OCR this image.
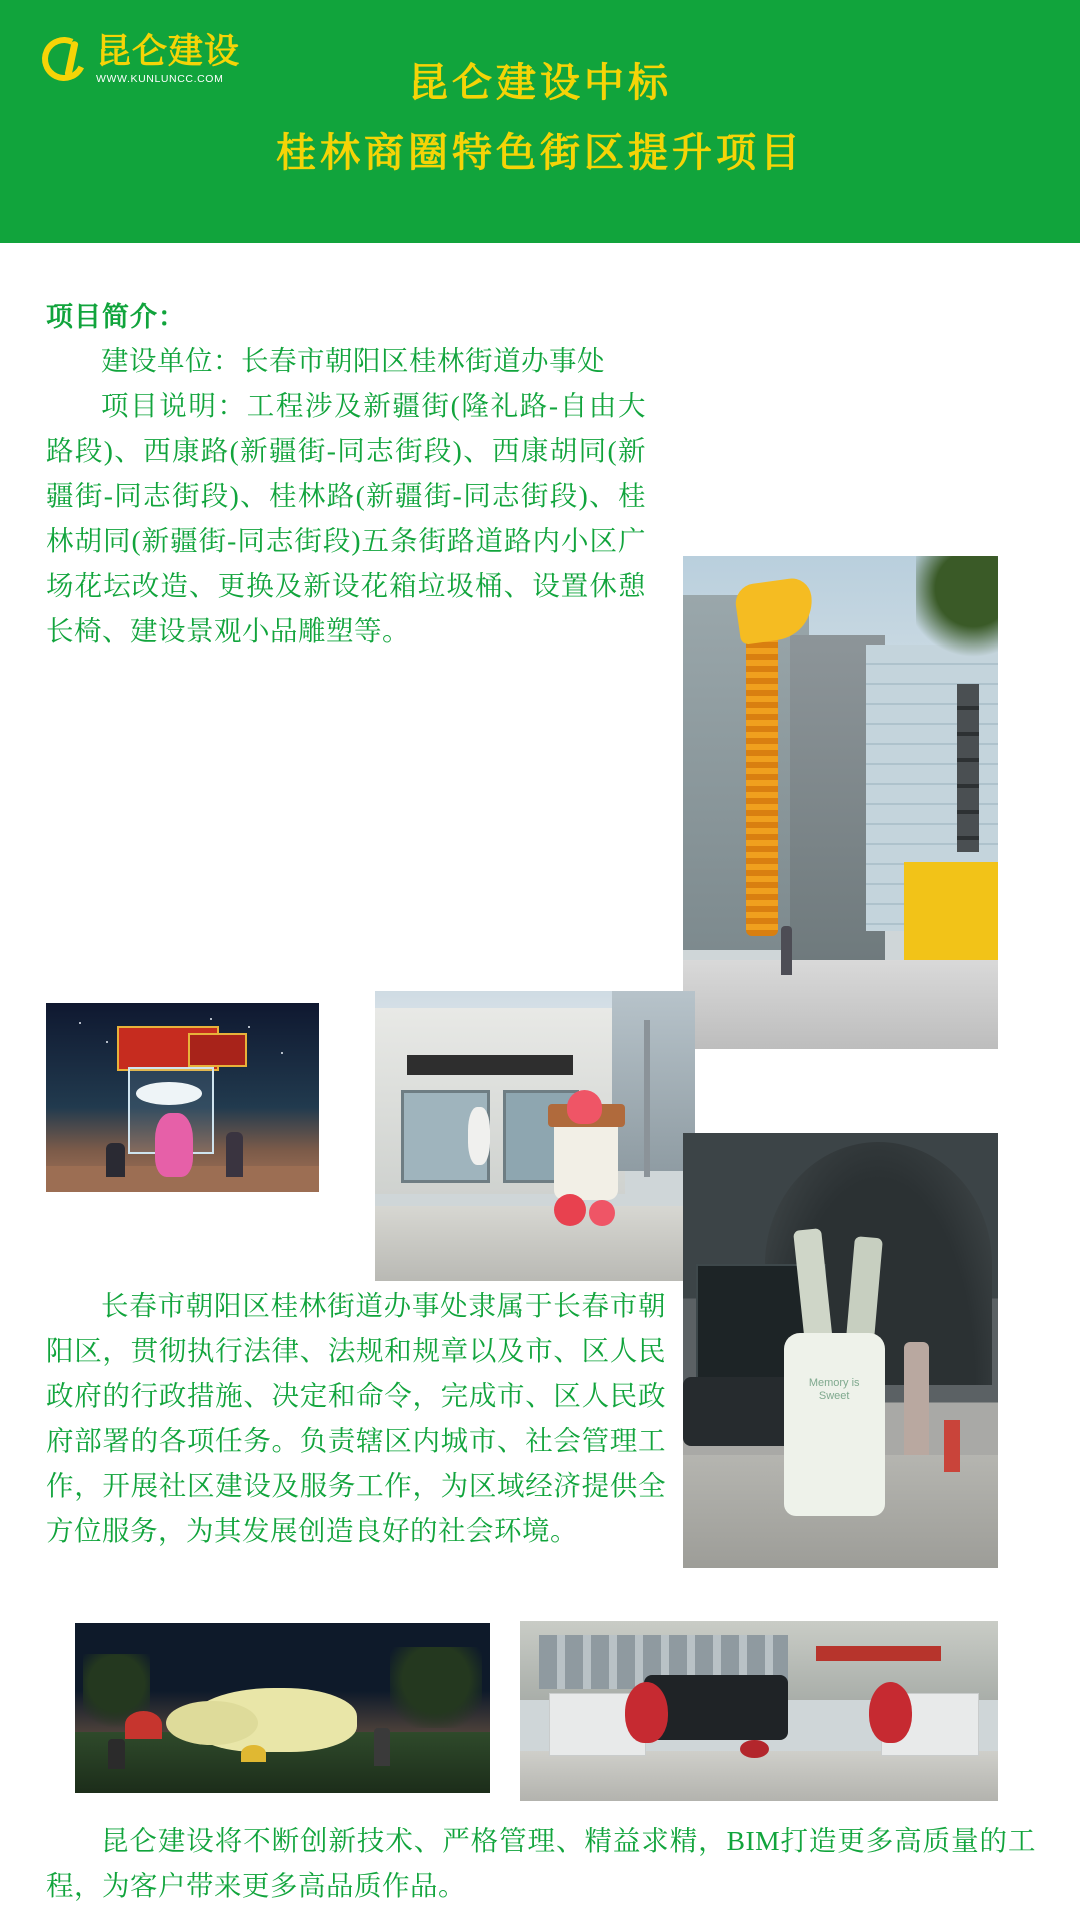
昆仑建设
WWW.KUNLUNCC.COM	昆仑建设中标
桂林商圈特色街区提升项目
项目简介：
建设单位：长春市朝阳区桂林街道办事处
项目说明：工程涉及新疆街(隆礼路-自由大路段)、西康路(新疆街-同志街段)、西康胡同(新疆街-同志街段)、桂林路(新疆街-同志街段)、桂林胡同(新疆街-同志街段)五条街路道路内小区广场花坛改造、更换及新设花箱垃圾桶、设置休憩长椅、建设景观小品雕塑等。
长春市朝阳区桂林街道办事处隶属于长春市朝阳区，贯彻执行法律、法规和规章以及市、区人民政府的行政措施、决定和命令，完成市、区人民政府部署的各项任务。负责辖区内城市、社会管理工作，开展社区建设及服务工作，为区域经济提供全方位服务，为其发展创造良好的社会环境。
昆仑建设将不断创新技术、严格管理、精益求精，BIM打造更多高质量的工程，为客户带来更多高品质作品。
Memory is Sweet
